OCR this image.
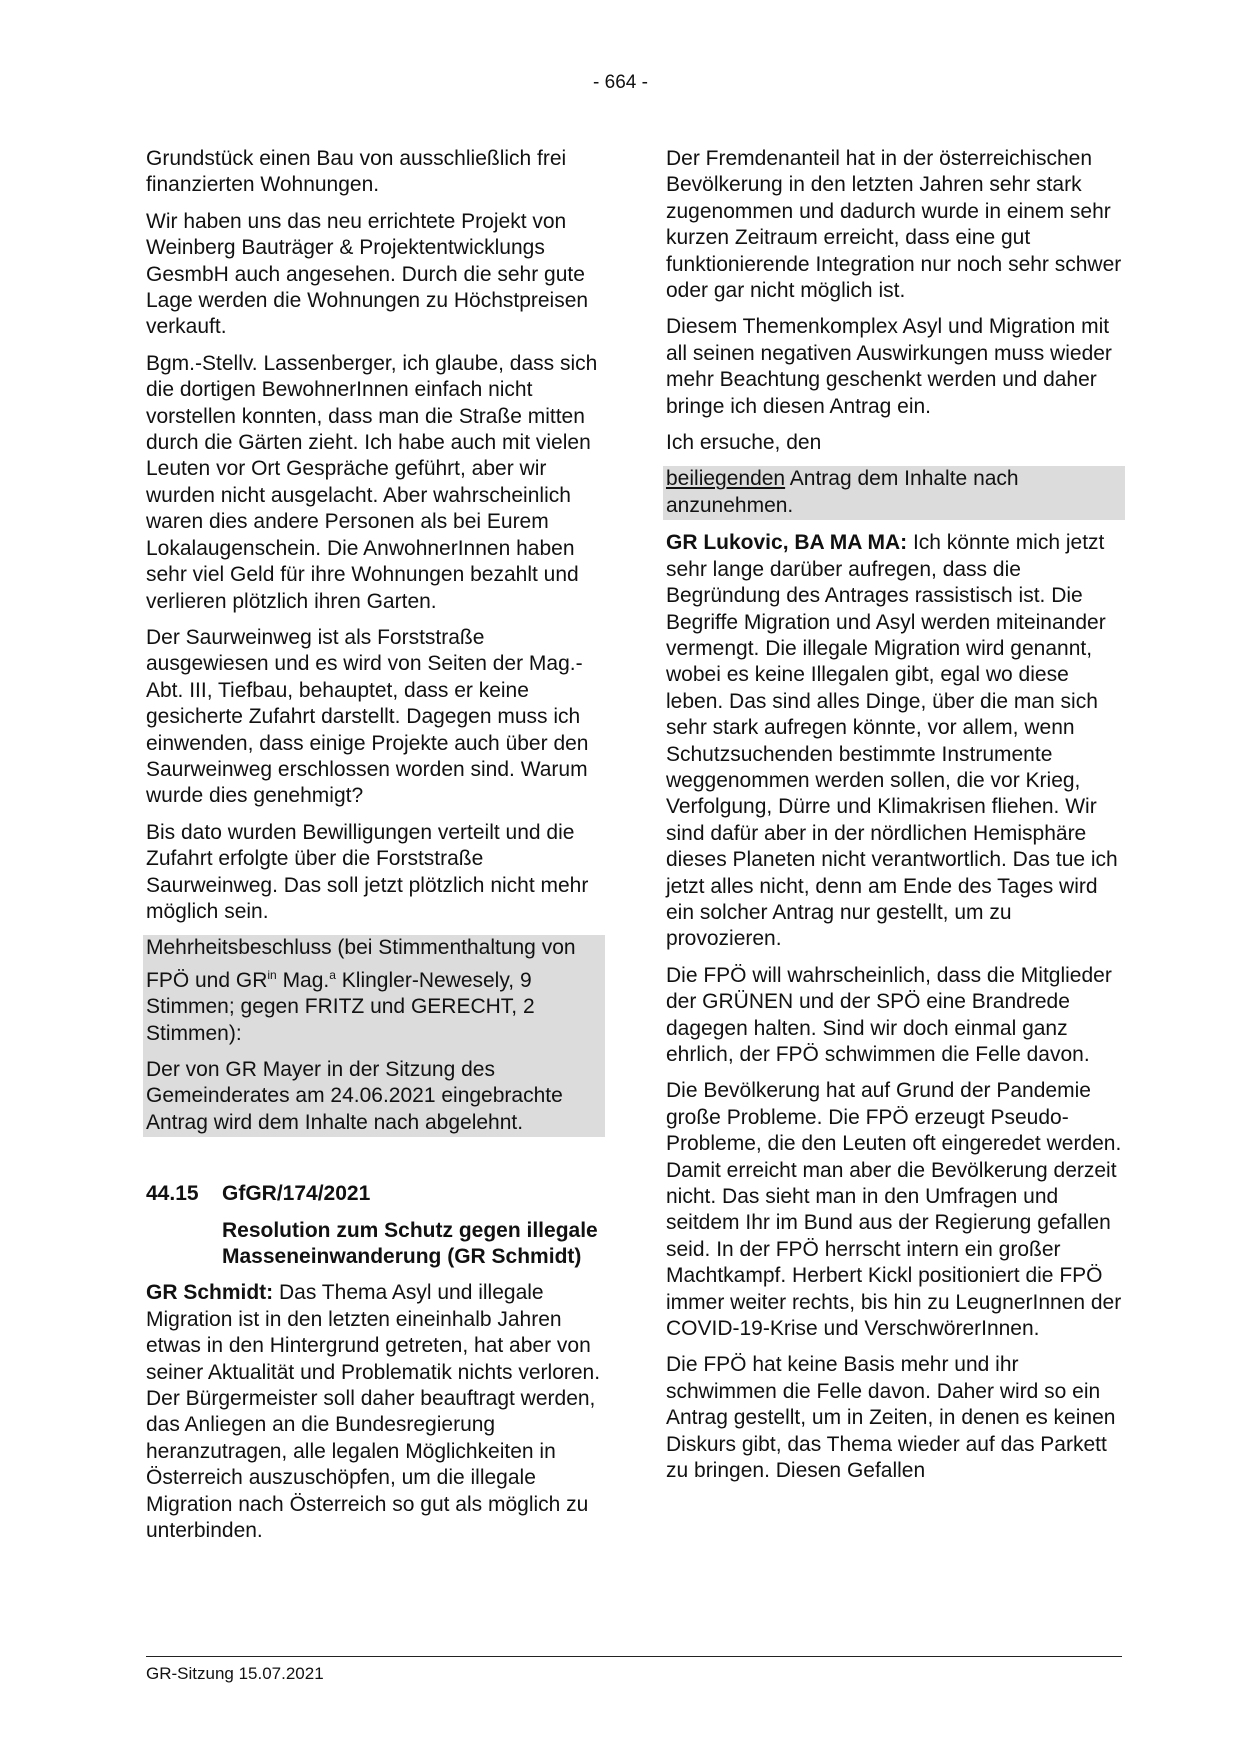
- 664 -

Grundstück einen Bau von ausschließlich frei finanzierten Wohnungen.

Wir haben uns das neu errichtete Projekt von Weinberg Bauträger & Projektentwicklungs GesmbH auch angesehen. Durch die sehr gute Lage werden die Wohnungen zu Höchstpreisen verkauft.

Bgm.-Stellv. Lassenberger, ich glaube, dass sich die dortigen BewohnerInnen einfach nicht vorstellen konnten, dass man die Straße mitten durch die Gärten zieht. Ich habe auch mit vielen Leuten vor Ort Gespräche geführt, aber wir wurden nicht ausgelacht. Aber wahrscheinlich waren dies andere Personen als bei Eurem Lokalaugenschein. Die AnwohnerInnen haben sehr viel Geld für ihre Wohnungen bezahlt und verlieren plötzlich ihren Garten.

Der Saurweinweg ist als Forststraße ausgewiesen und es wird von Seiten der Mag.-Abt. III, Tiefbau, behauptet, dass er keine gesicherte Zufahrt darstellt. Dagegen muss ich einwenden, dass einige Projekte auch über den Saurweinweg erschlossen worden sind. Warum wurde dies genehmigt?

Bis dato wurden Bewilligungen verteilt und die Zufahrt erfolgte über die Forststraße Saurweinweg. Das soll jetzt plötzlich nicht mehr möglich sein.

Mehrheitsbeschluss (bei Stimmenthaltung von FPÖ und $GR^{in}$ Mag.$^a$ Klingler-Newesely, 9 Stimmen; gegen FRITZ und GERECHT, 2 Stimmen):

Der von GR Mayer in der Sitzung des Gemeinderates am 24.06.2021 eingebrachte Antrag wird dem Inhalte nach abgelehnt.

44.15 GfGR/174/2021

Resolution zum Schutz gegen illegale Masseneinwanderung (GR Schmidt)

GR Schmidt: Das Thema Asyl und illegale Migration ist in den letzten eineinhalb Jahren etwas in den Hintergrund getreten, hat aber von seiner Aktualität und Problematik nichts verloren. Der Bürgermeister soll daher beauftragt werden, das Anliegen an die Bundesregierung heranzutragen, alle legalen Möglichkeiten in Österreich auszuschöpfen, um die illegale Migration nach Österreich so gut als möglich zu unterbinden.

Der Fremdenanteil hat in der österreichischen Bevölkerung in den letzten Jahren sehr stark zugenommen und dadurch wurde in einem sehr kurzen Zeitraum erreicht, dass eine gut funktionierende Integration nur noch sehr schwer oder gar nicht möglich ist.

Diesem Themenkomplex Asyl und Migration mit all seinen negativen Auswirkungen muss wieder mehr Beachtung geschenkt werden und daher bringe ich diesen Antrag ein.

Ich ersuche, den

beiliegenden Antrag dem Inhalte nach anzunehmen.

GR Lukovic, BA MA MA: Ich könnte mich jetzt sehr lange darüber aufregen, dass die Begründung des Antrages rassistisch ist. Die Begriffe Migration und Asyl werden miteinander vermengt. Die illegale Migration wird genannt, wobei es keine Illegalen gibt, egal wo diese leben. Das sind alles Dinge, über die man sich sehr stark aufregen könnte, vor allem, wenn Schutzsuchenden bestimmte Instrumente weggenommen werden sollen, die vor Krieg, Verfolgung, Dürre und Klimakrisen fliehen. Wir sind dafür aber in der nördlichen Hemisphäre dieses Planeten nicht verantwortlich. Das tue ich jetzt alles nicht, denn am Ende des Tages wird ein solcher Antrag nur gestellt, um zu provozieren.

Die FPÖ will wahrscheinlich, dass die Mitglieder der GRÜNEN und der SPÖ eine Brandrede dagegen halten. Sind wir doch einmal ganz ehrlich, der FPÖ schwimmen die Felle davon.

Die Bevölkerung hat auf Grund der Pandemie große Probleme. Die FPÖ erzeugt Pseudo-Probleme, die den Leuten oft eingeredet werden. Damit erreicht man aber die Bevölkerung derzeit nicht. Das sieht man in den Umfragen und seitdem Ihr im Bund aus der Regierung gefallen seid. In der FPÖ herrscht intern ein großer Machtkampf. Herbert Kickl positioniert die FPÖ immer weiter rechts, bis hin zu LeugnerInnen der COVID-19-Krise und VerschwörerInnen.

Die FPÖ hat keine Basis mehr und ihr schwimmen die Felle davon. Daher wird so ein Antrag gestellt, um in Zeiten, in denen es keinen Diskurs gibt, das Thema wieder auf das Parkett zu bringen. Diesen Gefallen

GR-Sitzung 15.07.2021
